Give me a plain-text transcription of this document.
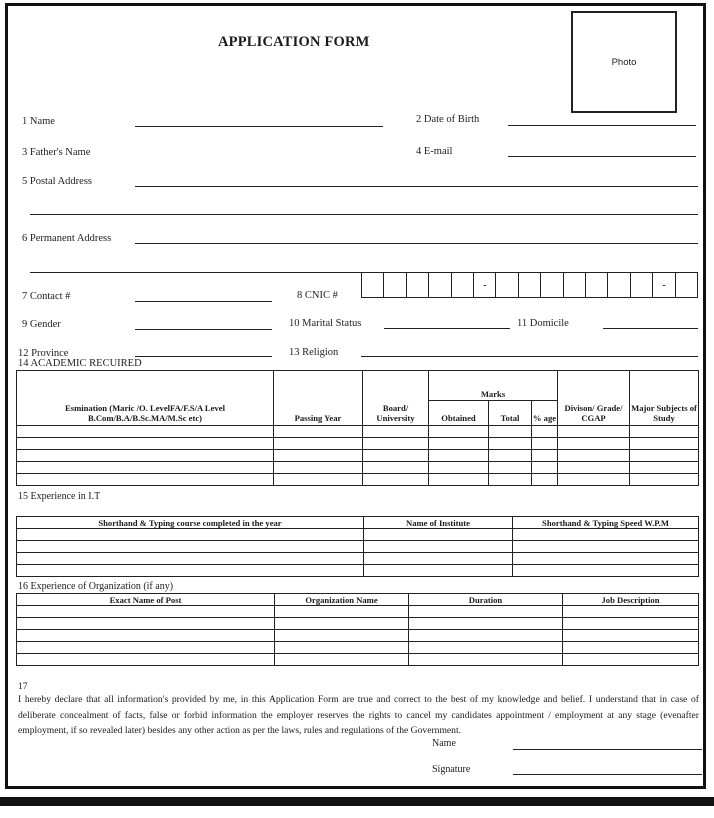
APPLICATION FORM
Photo
1 Name	2 Date of Birth
3 Father's Name	4 E-mail
5 Postal Address
6 Permanent Address
7 Contact #	8 CNIC #
-	-
9 Gender	10 Marital Status	11 Domicile
12 Province	13 Religion
14 ACADEMIC RECUIRED
Esmination (Maric /O. LevelFA/F.S/A Level B.Com/B.A/B.Sc.MA/M.Sc etc)	Passing Year	Board/ University	Marks			Divison/ Grade/ CGAP	Major Subjects of Study
			Obtained	Total	% age		

15 Experience in I.T
Shorthand & Typing course completed in the year	Name of Institute	Shorthand & Typing Speed W.P.M

16 Experience of Organization (if any)
Exact Name of Post	Organization Name	Duration	Job Description

17
I hereby declare that all information's provided by me, in this Application Form are true and correct to the best of my knowledge and belief. I understand that in case of deliberate concealment of facts, false or forbid information the employer reserves the rights to cancel my candidates appointment / employment at any stage (evenafter employment, if so revealed later) besides any other action as per the laws, rules and regulations of the Government.
Name
Signature
